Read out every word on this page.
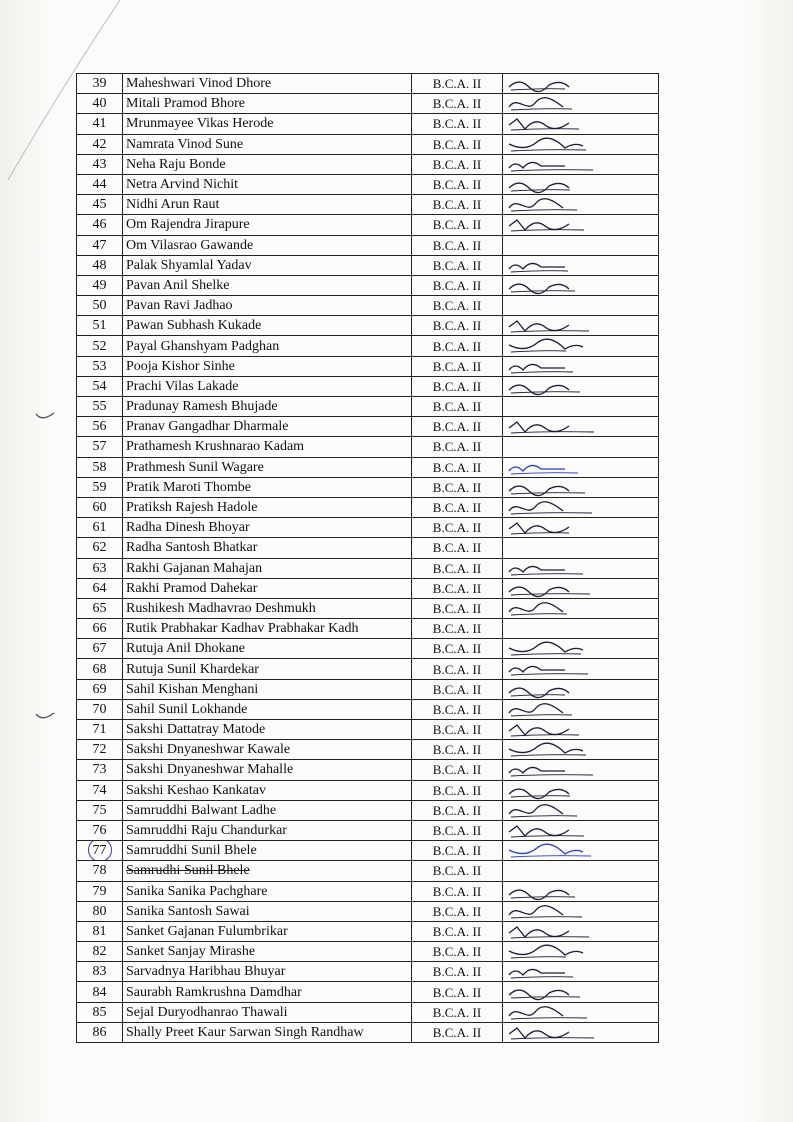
39	Maheshwari Vinod Dhore	B.C.A. II	

40	Mitali Pramod Bhore	B.C.A. II	

41	Mrunmayee Vikas Herode	B.C.A. II	

42	Namrata Vinod Sune	B.C.A. II	

43	Neha Raju Bonde	B.C.A. II	

44	Netra Arvind Nichit	B.C.A. II	

45	Nidhi Arun Raut	B.C.A. II	

46	Om Rajendra Jirapure	B.C.A. II	

47	Om Vilasrao Gawande	B.C.A. II	
48	Palak Shyamlal Yadav	B.C.A. II	

49	Pavan Anil Shelke	B.C.A. II	

50	Pavan Ravi Jadhao	B.C.A. II	
51	Pawan Subhash Kukade	B.C.A. II	

52	Payal Ghanshyam Padghan	B.C.A. II	

53	Pooja Kishor Sinhe	B.C.A. II	

54	Prachi Vilas Lakade	B.C.A. II	

55	Pradunay Ramesh Bhujade	B.C.A. II	
56	Pranav Gangadhar Dharmale	B.C.A. II	

57	Prathamesh Krushnarao Kadam	B.C.A. II	
58	Prathmesh Sunil Wagare	B.C.A. II	

59	Pratik Maroti Thombe	B.C.A. II	

60	Pratiksh Rajesh Hadole	B.C.A. II	

61	Radha Dinesh Bhoyar	B.C.A. II	

62	Radha Santosh Bhatkar	B.C.A. II	
63	Rakhi Gajanan Mahajan	B.C.A. II	

64	Rakhi Pramod Dahekar	B.C.A. II	

65	Rushikesh Madhavrao Deshmukh	B.C.A. II	

66	Rutik Prabhakar Kadhav Prabhakar Kadh	B.C.A. II	
67	Rutuja Anil Dhokane	B.C.A. II	

68	Rutuja Sunil Khardekar	B.C.A. II	

69	Sahil Kishan Menghani	B.C.A. II	

70	Sahil Sunil Lokhande	B.C.A. II	

71	Sakshi Dattatray Matode	B.C.A. II	

72	Sakshi Dnyaneshwar Kawale	B.C.A. II	

73	Sakshi Dnyaneshwar Mahalle	B.C.A. II	

74	Sakshi Keshao Kankatav	B.C.A. II	

75	Samruddhi Balwant Ladhe	B.C.A. II	

76	Samruddhi Raju Chandurkar	B.C.A. II	

77	Samruddhi Sunil Bhele	B.C.A. II	

78	Samrudhi Sunil Bhele	B.C.A. II	
79	Sanika Sanika Pachghare	B.C.A. II	

80	Sanika Santosh Sawai	B.C.A. II	

81	Sanket Gajanan Fulumbrikar	B.C.A. II	

82	Sanket Sanjay Mirashe	B.C.A. II	

83	Sarvadnya Haribhau Bhuyar	B.C.A. II	

84	Saurabh Ramkrushna Damdhar	B.C.A. II	

85	Sejal Duryodhanrao Thawali	B.C.A. II	

86	Shally Preet Kaur Sarwan Singh Randhaw	B.C.A. II	
